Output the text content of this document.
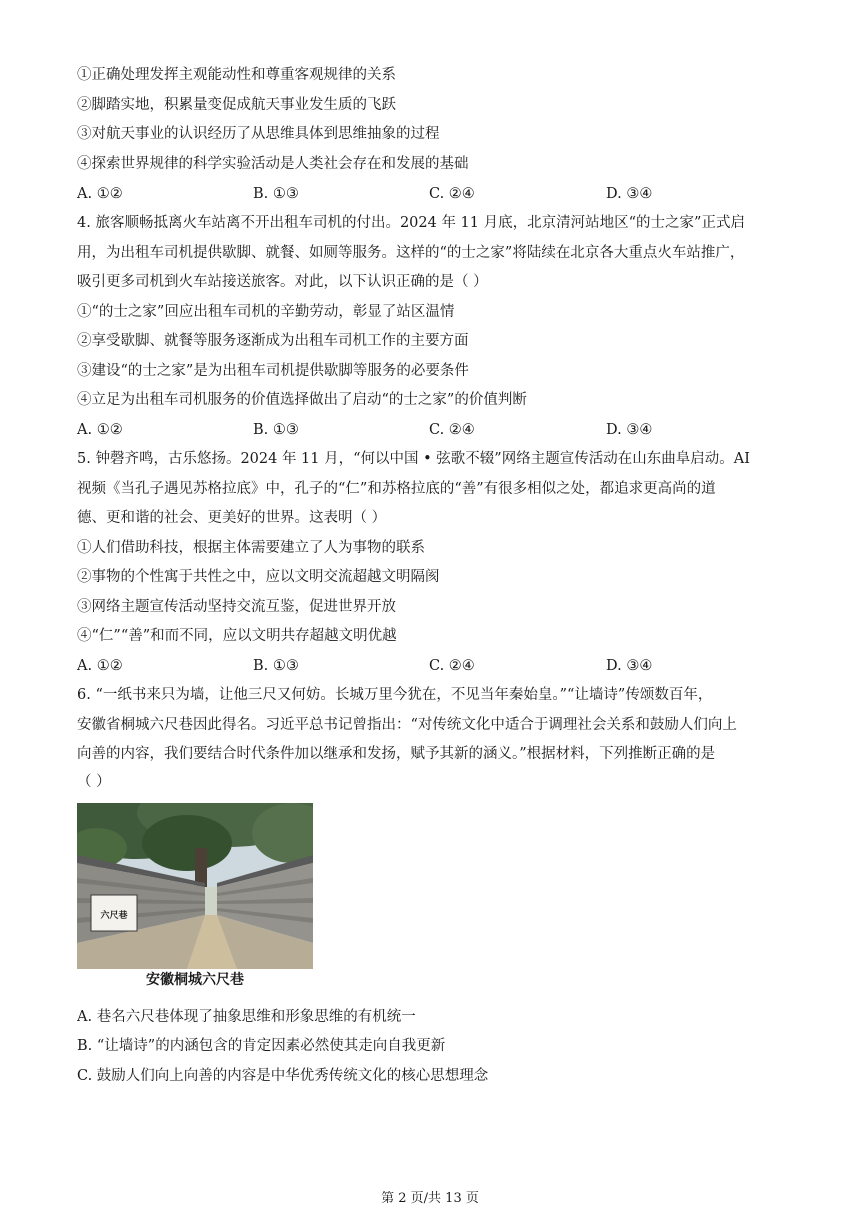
①正确处理发挥主观能动性和尊重客观规律的关系
②脚踏实地，积累量变促成航天事业发生质的飞跃
③对航天事业的认识经历了从思维具体到思维抽象的过程
④探索世界规律的科学实验活动是人类社会存在和发展的基础
A. ①②	B. ①③	C. ②④	D. ③④
4. 旅客顺畅抵离火车站离不开出租车司机的付出。2024 年 11 月底，北京清河站地区“的士之家”正式启
用，为出租车司机提供歇脚、就餐、如厕等服务。这样的“的士之家”将陆续在北京各大重点火车站推广，
吸引更多司机到火车站接送旅客。对此，以下认识正确的是（ ）
①“的士之家”回应出租车司机的辛勤劳动，彰显了站区温情
②享受歇脚、就餐等服务逐渐成为出租车司机工作的主要方面
③建设“的士之家”是为出租车司机提供歇脚等服务的必要条件
④立足为出租车司机服务的价值选择做出了启动“的士之家”的价值判断
A. ①②	B. ①③	C. ②④	D. ③④
5. 钟磬齐鸣，古乐悠扬。2024 年 11 月，“何以中国 • 弦歌不辍”网络主题宣传活动在山东曲阜启动。AI
视频《当孔子遇见苏格拉底》中，孔子的“仁”和苏格拉底的“善”有很多相似之处，都追求更高尚的道
德、更和谐的社会、更美好的世界。这表明（ ）
①人们借助科技，根据主体需要建立了人为事物的联系
②事物的个性寓于共性之中，应以文明交流超越文明隔阂
③网络主题宣传活动坚持交流互鉴，促进世界开放
④“仁”“善”和而不同，应以文明共存超越文明优越
A. ①②	B. ①③	C. ②④	D. ③④
6. “一纸书来只为墙，让他三尺又何妨。长城万里今犹在，不见当年秦始皇。”“让墙诗”传颂数百年，
安徽省桐城六尺巷因此得名。习近平总书记曾指出：“对传统文化中适合于调理社会关系和鼓励人们向上
向善的内容，我们要结合时代条件加以继承和发扬，赋予其新的涵义。”根据材料，下列推断正确的是
（ ）
六尺巷
安徽桐城六尺巷
A. 巷名六尺巷体现了抽象思维和形象思维的有机统一
B. “让墙诗”的内涵包含的肯定因素必然使其走向自我更新
C. 鼓励人们向上向善的内容是中华优秀传统文化的核心思想理念
第 2 页/共 13 页
